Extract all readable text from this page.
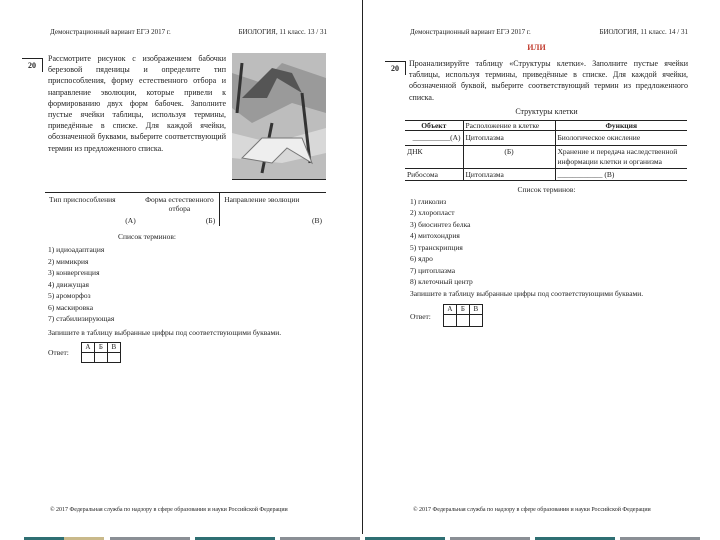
Демонстрационный вариант ЕГЭ 2017 г.	БИОЛОГИЯ, 11 класс. 13 / 31
20
Рассмотрите рисунок с изображением бабочки березовой пяденицы и определите тип приспособления, форму естественного отбора и направление эволюции, которые привели к формированию двух форм бабочек. Заполните пустые ячейки таблицы, используя термины, приведённые в списке. Для каждой ячейки, обозначенной буквами, выберите соответствующий термин из предложенного списка.
Тип приспособления	Форма естественного отбора	Направление эволюции
(А)	(Б)	(В)
Список терминов:
1) идиоадаптация
2) мимикрия
3) конвергенция
4) движущая
5) ароморфоз
6) маскировка
7) стабилизирующая
Запишите в таблицу выбранные цифры под соответствующими буквами.
Ответ:
А	Б	В

© 2017 Федеральная служба по надзору в сфере образования и науки Российской Федерации
Демонстрационный вариант ЕГЭ 2017 г.	БИОЛОГИЯ, 11 класс. 14 / 31
ИЛИ
20
Проанализируйте таблицу «Структуры клетки». Заполните пустые ячейки таблицы, используя термины, приведённые в списке. Для каждой ячейки, обозначенной буквой, выберите соответствующий термин из предложенного списка.
Структуры клетки
Объект	Расположение в клетке	Функция
__________(А)	Цитоплазма	Биологическое окисление
ДНК	(Б)	Хранение и передача наследственной информации клетки и организма
Рибосома	Цитоплазма	____________ (В)
Список терминов:
1) гликолиз
2) хлоропласт
3) биосинтез белка
4) митохондрия
5) транскрипция
6) ядро
7) цитоплазма
8) клеточный центр
Запишите в таблицу выбранные цифры под соответствующими буквами.
Ответ:
А	Б	В

© 2017 Федеральная служба по надзору в сфере образования и науки Российской Федерации
